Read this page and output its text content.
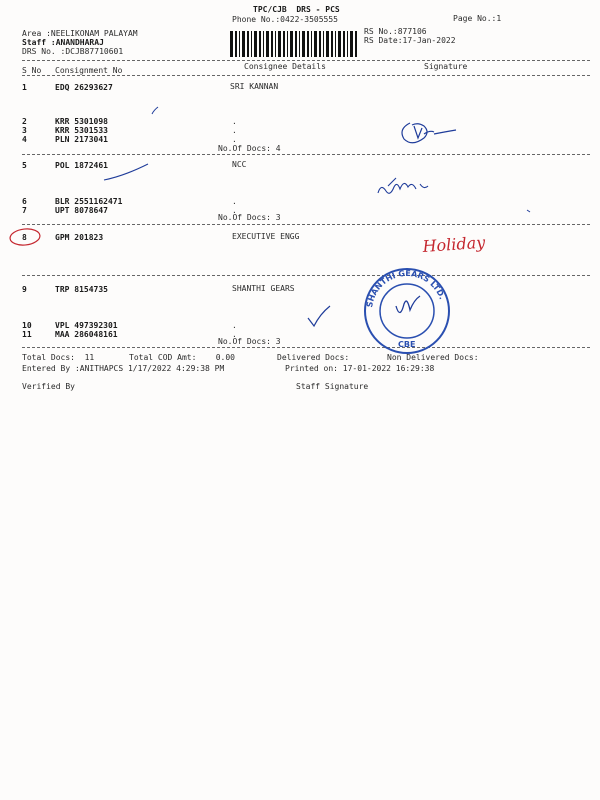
TPC/CJB  DRS - PCS
Phone No.:0422-3505555	Page No.:1
Area :NEELIKONAM PALAYAM
Staff :ANANDHARAJ
DRS No. :DCJB87710601
RS No.:877106
RS Date:17-Jan-2022
S No Consignment No	Consignee Details	Signature
1	EDQ 26293627	SRI KANNAN
2	KRR 5301098	.
3	KRR 5301533	.
4	PLN 2173041	.
No.Of Docs: 4
5	POL 1872461	NCC
6	BLR 2551162471	.
7	UPT 8078647	.
No.Of Docs: 3
8	GPM 201823	EXECUTIVE ENGG
9	TRP 8154735	SHANTHI GEARS
10	VPL 497392301	.
11	MAA 286048161	.
No.Of Docs: 3
Total Docs:  11	Total COD Amt:    0.00	Delivered Docs:	Non Delivered Docs:
Entered By :ANITHAPCS 1/17/2022 4:29:38 PM	Printed on: 17-01-2022 16:29:38
Verified By	Staff Signature
SHANTHI GEARS LTD.
CBE
Holiday
